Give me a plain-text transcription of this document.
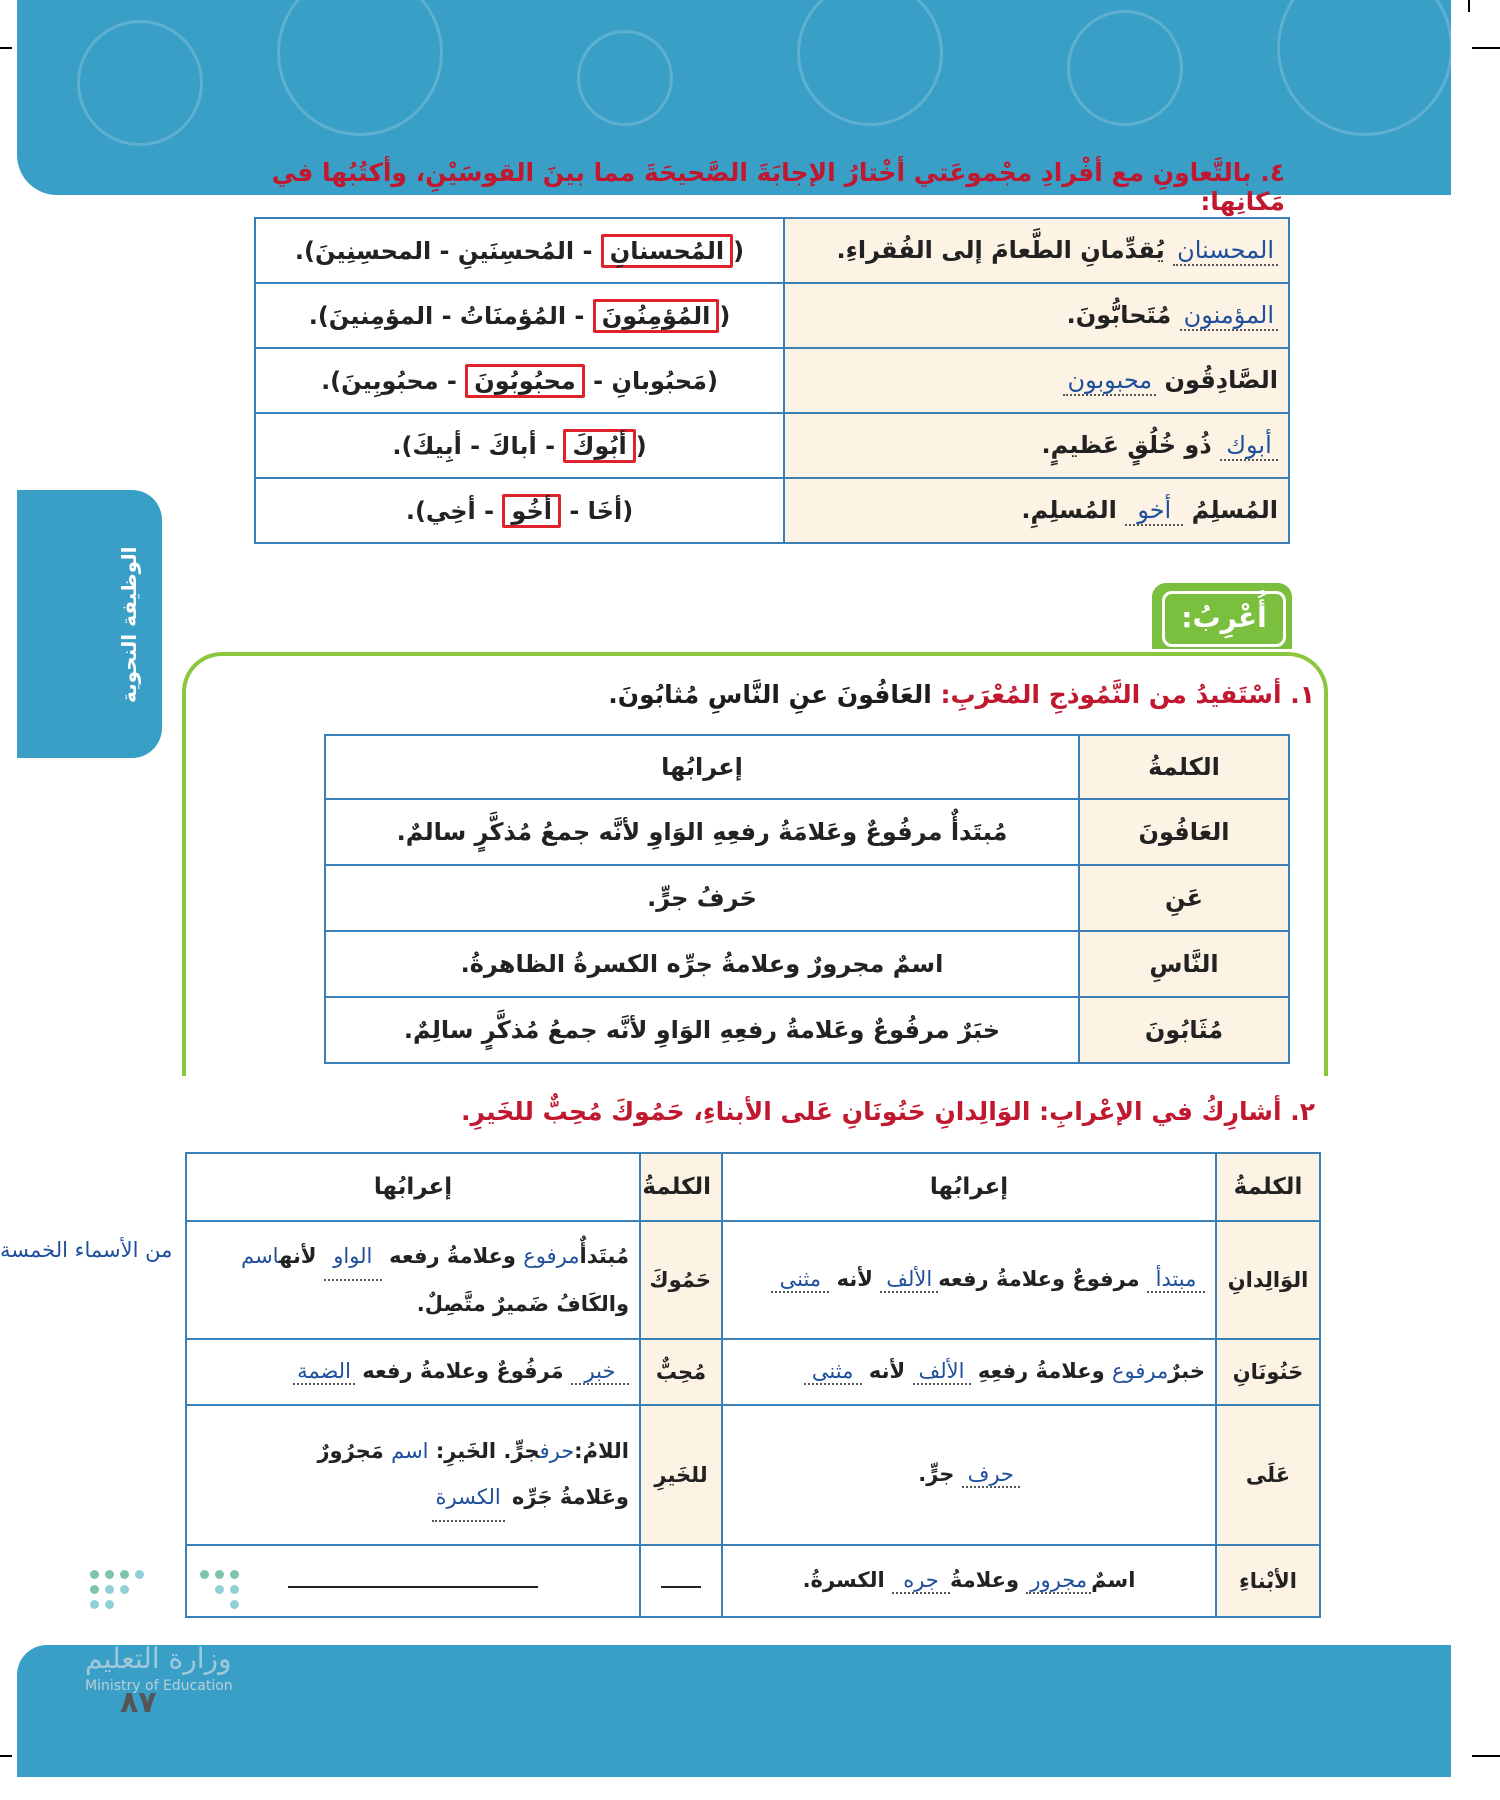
الوظيفة النحوية
٤. بالتَّعاونِ مع أفْرادِ مجْموعَتي أخْتارُ الإجابَةَ الصَّحيحَةَ مما بينَ القوسَيْنِ، وأكتُبُها في مَكانِها:
المحسنان يُقدِّمانِ الطَّعامَ إلى الفُقراءِ.	(المُحسنانِ - المُحسِنَينِ - المحسِنِينَ).
المؤمنون مُتَحابُّونَ.	(المُؤمِنُونَ - المُؤمنَاتُ - المؤمِنينَ).
الصَّادِقُون محبوبون	(مَحبُوبانِ - محبُوبُونَ - محبُوبِينَ).
أبوك ذُو خُلُقٍ عَظيمٍ.	(أبُوكَ - أباكَ - أبِيكَ).
المُسلِمُ أخو المُسلِمِ.	(أخَا - أخُو - أخِي).
أُعْرِبُ:
١. أسْتَفيدُ من النَّمُوذجِ المُعْرَبِ: العَافُونَ عنِ النَّاسِ مُثابُونَ.
الكلمةُ	إعرابُها
العَافُونَ	مُبتَدأٌ مرفُوعٌ وعَلامَةُ رفعِهِ الوَاوِ لأنَّه جمعُ مُذكَّرٍ سالمٌ.
عَنِ	حَرفُ جرٍّ.
النَّاسِ	اسمٌ مجرورٌ وعلامةُ جرِّه الكسرةُ الظاهرةُ.
مُثَابُونَ	خبَرٌ مرفُوعٌ وعَلامةُ رفعِهِ الوَاوِ لأنَّه جمعُ مُذكَّرٍ سالِمٌ.
٢. أشارِكُ في الإعْرابِ: الوَالِدانِ حَنُونَانِ عَلى الأبناءِ، حَمُوكَ مُحِبٌّ للخَيرِ.
الكلمةُ	إعرابُها	الكلمةُ	إعرابُها
الوَالِدانِ	مبتدأ مرفوعٌ وعلامةُ رفعهالألف لأنه مثنى	حَمُوكَ	مُبتَدأٌمرفوع وعلامةُ رفعه الواو لأنهاسم
والكَافُ ضَميرٌ متَّصِلٌ.
حَنُونَانِ	خبرٌمرفوع وعلامةُ رفعِهِ الألف لأنه مثنى	مُحِبٌّ	خبر مَرفُوعٌ وعلامةُ رفعه الضمة
عَلَى	حرف جرٍّ.	للخَيرِ	اللامُ:حرفجرٍّ. الخَيرِ: اسم مَجرُورٌ
وعَلامةُ جَرِّه الكسرة
الأبْناءِ	اسمٌمجرور وعلامةُجره الكسرةُ.		
من الأسماء الخمسة
وزارة التعليم
Ministry of Education
٨٧
